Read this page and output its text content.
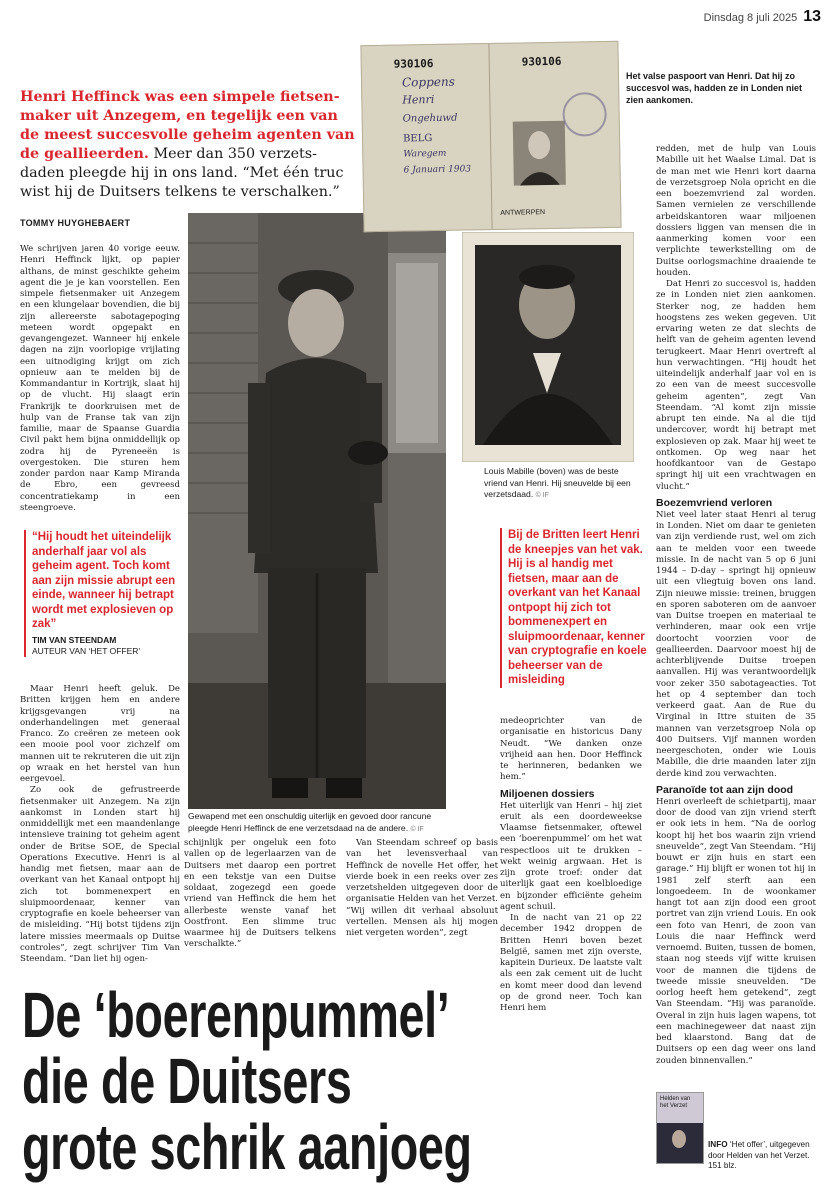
Dinsdag 8 juli 2025 13
Henri Heffinck was een simpele fietsen-maker uit Anzegem, en tegelijk een van de meest succesvolle geheim agenten van de geallieerden. Meer dan 350 verzets-daden pleegde hij in ons land. “Met één truc wist hij de Duitsers telkens te verschalken.”
TOMMY HUYGHEBAERT

We schrijven jaren 40 vorige eeuw. Henri Heffinck lijkt, op papier althans, de minst geschikte geheim agent die je je kan voorstellen. Een simpele fietsenmaker uit Anzegem en een klungelaar bovendien, die bij zijn allereerste sabotagepoging meteen wordt opgepakt en gevangengezet. Wanneer hij enkele dagen na zijn voorlopige vrijlating een uitnodiging krijgt om zich opnieuw aan te melden bij de Kommandantur in Kortrijk, slaat hij op de vlucht. Hij slaagt erin Frankrijk te doorkruisen met de hulp van de Franse tak van zijn familie, maar de Spaanse Guardia Civil pakt hem bijna onmiddellijk op zodra hij de Pyreneeën is overgestoken. Die sturen hem zonder pardon naar Kamp Miranda de Ebro, een gevreesd concentratiekamp in een steengroeve.

“Hij houdt het uiteindelijk anderhalf jaar vol als geheim agent. Toch komt aan zijn missie abrupt een einde, wanneer hij betrapt wordt met explosieven op zak”
TIM VAN STEENDAM
AUTEUR VAN ‘HET OFFER’

Maar Henri heeft geluk. De Britten krijgen hem en andere krijgsgevangen vrij na onderhandelingen met generaal Franco. Zo creëren ze meteen ook een mooie pool voor zichzelf om mannen uit te rekruteren die uit zijn op wraak en het herstel van hun eergevoel.

Zo ook de gefrustreerde fietsenmaker uit Anzegem. Na zijn aankomst in Londen start hij onmiddellijk met een maandenlange intensieve training tot geheim agent onder de Britse SOE, de Special Operations Executive. Henri is al handig met fietsen, maar aan de overkant van het Kanaal ontpopt hij zich tot bommenexpert en sluipmoordenaar, kenner van cryptografie en koele beheerser van de misleiding. “Hij botst tijdens zijn latere missies meermaals op Duitse controles”, zegt schrijver Tim Van Steendam. “Dan liet hij ogen-

Gewapend met een onschuldig uiterlijk en gevoed door rancune pleegde Henri Heffinck de ene verzetsdaad na de andere. © IF
930106	930106
Coppens
Henri
Ongehuwd
BELG
Waregem
6 Januari 1903
ANTWERPEN
Het valse paspoort van Henri. Dat hij zo succesvol was, hadden ze in Londen niet zien aankomen.
Louis Mabille (boven) was de beste vriend van Henri. Hij sneuvelde bij een verzetsdaad. © IF
Bij de Britten leert Henri de kneepjes van het vak. Hij is al handig met fietsen, maar aan de overkant van het Kanaal ontpopt hij zich tot bommenexpert en sluipmoordenaar, kenner van cryptografie en koele beheerser van de misleiding

schijnlijk per ongeluk een foto vallen op de legerlaarzen van de Duitsers met daarop een portret en een tekstje van een Duitse soldaat, zogezegd een goede vriend van Heffinck die hem het allerbeste wenste vanaf het Oostfront. Een slimme truc waarmee hij de Duitsers telkens verschalkte.”

Van Steendam schreef op basis van het levensverhaal van Heffinck de novelle Het offer, het vierde boek in een reeks over zes verzetshelden uitgegeven door de organisatie Helden van het Verzet. “Wij willen dit verhaal absoluut vertellen. Mensen als hij mogen niet vergeten worden”, zegt

medeoprichter van de organisatie en historicus Dany Neudt. “We danken onze vrijheid aan hen. Door Heffinck te herinneren, bedanken we hem.”

Miljoenen dossiers

Het uiterlijk van Henri – hij ziet eruit als een doordeweekse Vlaamse fietsenmaker, oftewel een ‘boerenpummel’ om het wat respectloos uit te drukken – wekt weinig argwaan. Het is zijn grote troef: onder dat uiterlijk gaat een koelbloedige en bijzonder efficiënte geheim agent schuil.

In de nacht van 21 op 22 december 1942 droppen de Britten Henri boven bezet België, samen met zijn overste, kapitein Durieux. De laatste valt als een zak cement uit de lucht en komt meer dood dan levend op de grond neer. Toch kan Henri hem

redden, met de hulp van Louis Mabille uit het Waalse Limal. Dat is de man met wie Henri kort daarna de verzetsgroep Nola opricht en die een boezemvriend zal worden. Samen vernielen ze verschillende arbeidskantoren waar miljoenen dossiers liggen van mensen die in aanmerking komen voor een verplichte tewerkstelling om de Duitse oorlogsmachine draaiende te houden.

Dat Henri zo succesvol is, hadden ze in Londen niet zien aankomen. Sterker nog, ze hadden hem hoogstens zes weken gegeven. Uit ervaring weten ze dat slechts de helft van de geheim agenten levend terugkeert. Maar Henri overtreft al hun verwachtingen. “Hij houdt het uiteindelijk anderhalf jaar vol en is zo een van de meest succesvolle geheim agenten”, zegt Van Steendam. “Al komt zijn missie abrupt ten einde. Na al die tijd undercover, wordt hij betrapt met explosieven op zak. Maar hij weet te ontkomen. Op weg naar het hoofdkantoor van de Gestapo springt hij uit een vrachtwagen en vlucht.”

Boezemvriend verloren

Niet veel later staat Henri al terug in Londen. Niet om daar te genieten van zijn verdiende rust, wel om zich aan te melden voor een tweede missie. In de nacht van 5 op 6 juni 1944 – D-day – springt hij opnieuw uit een vliegtuig boven ons land. Zijn nieuwe missie: treinen, bruggen en sporen saboteren om de aanvoer van Duitse troepen en materiaal te verhinderen, maar ook een vrije doortocht voorzien voor de geallieerden. Daarvoor moest hij de achterblijvende Duitse troepen aanvallen. Hij was verantwoordelijk voor zeker 350 sabotageacties. Tot het op 4 september dan toch verkeerd gaat. Aan de Rue du Virginal in Ittre stuiten de 35 mannen van verzetsgroep Nola op 400 Duitsers. Vijf mannen worden neergeschoten, onder wie Louis Mabille, die drie maanden later zijn derde kind zou verwachten.

Paranoïde tot aan zijn dood

Henri overleeft de schietpartij, maar door de dood van zijn vriend sterft er ook iets in hem. “Na de oorlog koopt hij het bos waarin zijn vriend sneuvelde”, zegt Van Steendam. “Hij bouwt er zijn huis en start een garage.” Hij blijft er wonen tot hij in 1981 zelf sterft aan een longoedeem. In de woonkamer hangt tot aan zijn dood een groot portret van zijn vriend Louis. En ook een foto van Henri, de zoon van Louis die naar Heffinck werd vernoemd. Buiten, tussen de bomen, staan nog steeds vijf witte kruisen voor de mannen die tijdens de tweede missie sneuvelden. “De oorlog heeft hem getekend”, zegt Van Steendam. “Hij was paranoïde. Overal in zijn huis lagen wapens, tot een machinegeweer dat naast zijn bed klaarstond. Bang dat de Duitsers op een dag weer ons land zouden binnenvallen.”

Helden van het Verzet
INFO ‘Het offer’, uitgegeven door Helden van het Verzet. 151 blz.
De ‘boerenpummel’
die de Duitsers
grote schrik aanjoeg
